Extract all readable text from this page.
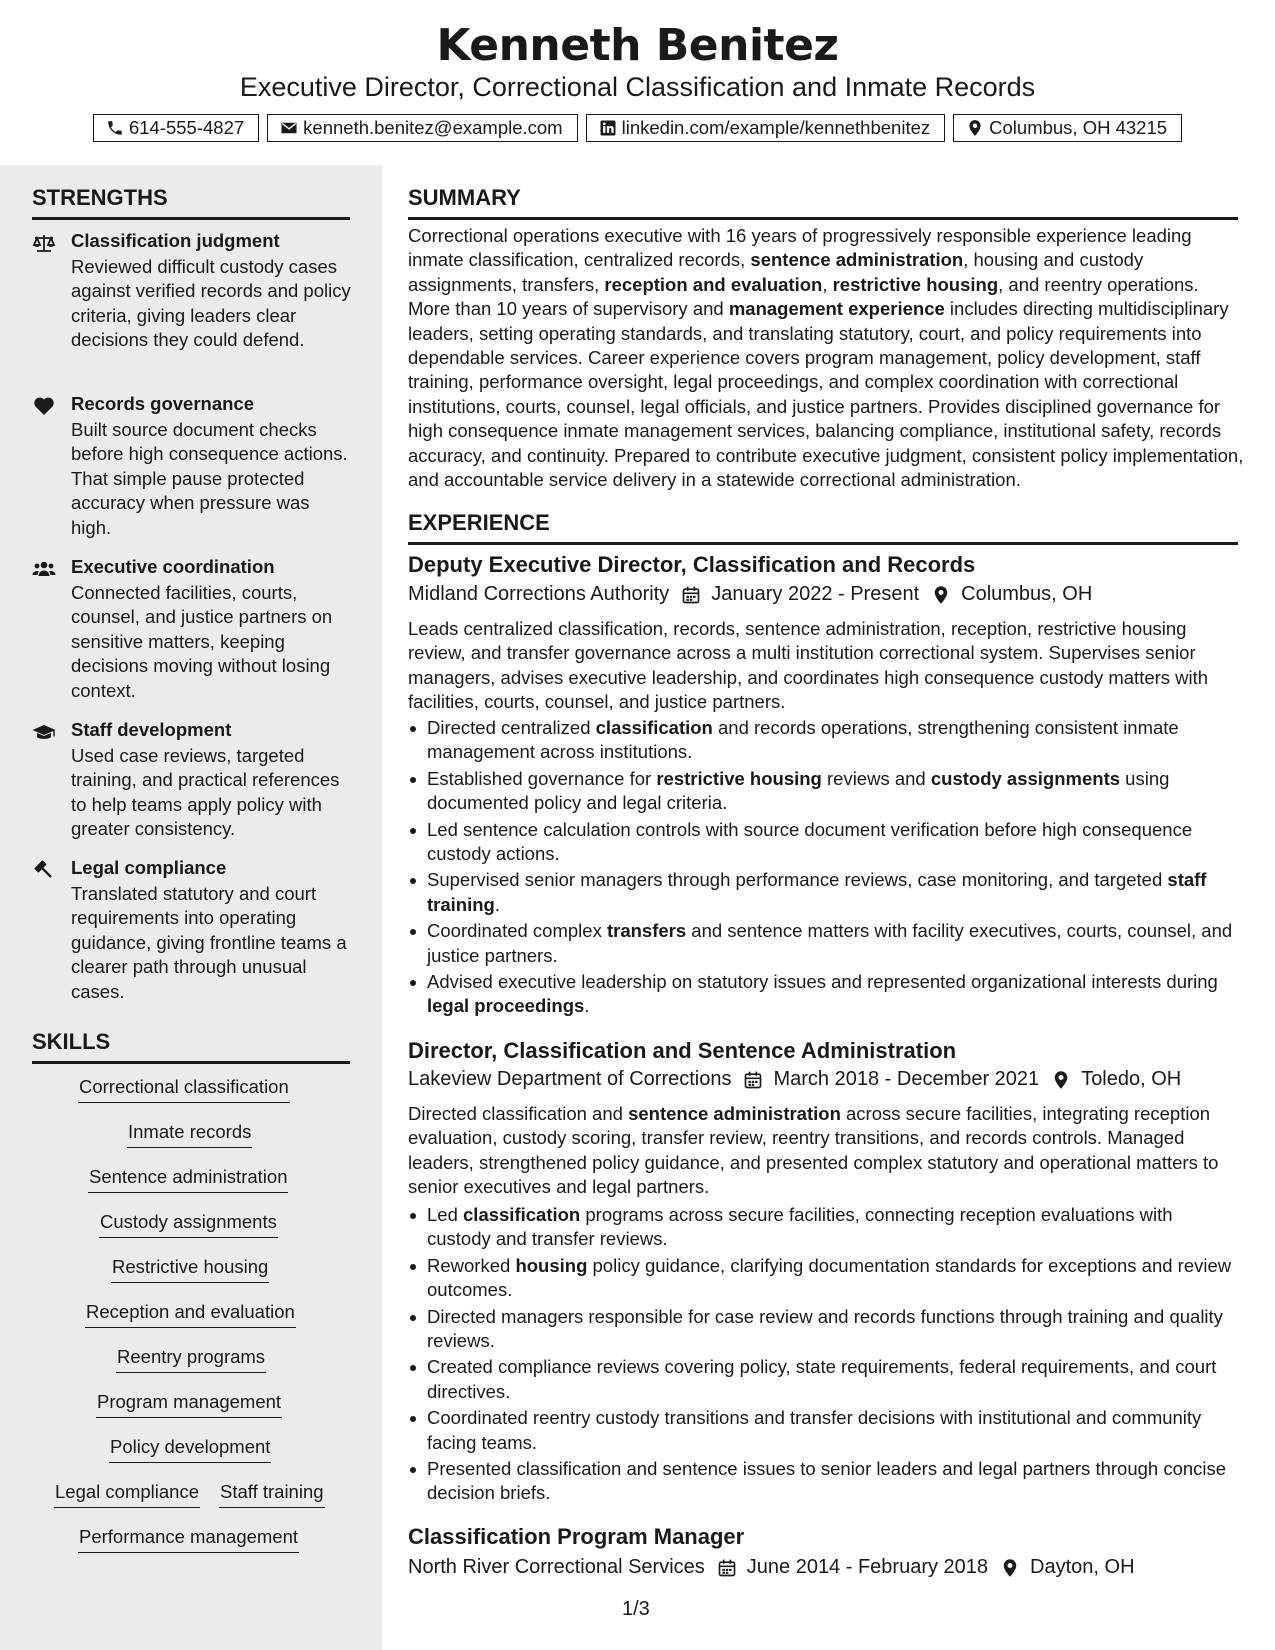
Kenneth Benitez
Executive Director, Correctional Classification and Inmate Records
614-555-4827	kenneth.benitez@example.com	linkedin.com/example/kennethbenitez	Columbus, OH 43215
STRENGTHS
Classification judgment
Reviewed difficult custody cases against verified records and policy criteria, giving leaders clear decisions they could defend.
Records governance
Built source document checks before high consequence actions. That simple pause protected accuracy when pressure was high.
Executive coordination
Connected facilities, courts, counsel, and justice partners on sensitive matters, keeping decisions moving without losing context.
Staff development
Used case reviews, targeted training, and practical references to help teams apply policy with greater consistency.
Legal compliance
Translated statutory and court requirements into operating guidance, giving frontline teams a clearer path through unusual cases.
SKILLS
Correctional classification
Inmate records
Sentence administration
Custody assignments
Restrictive housing
Reception and evaluation
Reentry programs
Program management
Policy development
Legal compliance Staff training
Performance management
SUMMARY
Correctional operations executive with 16 years of progressively responsible experience leading inmate classification, centralized records, sentence administration, housing and custody assignments, transfers, reception and evaluation, restrictive housing, and reentry operations. More than 10 years of supervisory and management experience includes directing multidisciplinary leaders, setting operating standards, and translating statutory, court, and policy requirements into dependable services. Career experience covers program management, policy development, staff training, performance oversight, legal proceedings, and complex coordination with correctional institutions, courts, counsel, legal officials, and justice partners. Provides disciplined governance for high consequence inmate management services, balancing compliance, institutional safety, records accuracy, and continuity. Prepared to contribute executive judgment, consistent policy implementation, and accountable service delivery in a statewide correctional administration.
EXPERIENCE
Deputy Executive Director, Classification and Records
Midland Corrections Authority January 2022 - Present Columbus, OH
Leads centralized classification, records, sentence administration, reception, restrictive housing review, and transfer governance across a multi institution correctional system. Supervises senior managers, advises executive leadership, and coordinates high consequence custody matters with facilities, courts, counsel, and justice partners.
Directed centralized classification and records operations, strengthening consistent inmate management across institutions.
Established governance for restrictive housing reviews and custody assignments using documented policy and legal criteria.
Led sentence calculation controls with source document verification before high consequence custody actions.
Supervised senior managers through performance reviews, case monitoring, and targeted staff training.
Coordinated complex transfers and sentence matters with facility executives, courts, counsel, and justice partners.
Advised executive leadership on statutory issues and represented organizational interests during legal proceedings.
Director, Classification and Sentence Administration
Lakeview Department of Corrections March 2018 - December 2021 Toledo, OH
Directed classification and sentence administration across secure facilities, integrating reception evaluation, custody scoring, transfer review, reentry transitions, and records controls. Managed leaders, strengthened policy guidance, and presented complex statutory and operational matters to senior executives and legal partners.
Led classification programs across secure facilities, connecting reception evaluations with custody and transfer reviews.
Reworked housing policy guidance, clarifying documentation standards for exceptions and review outcomes.
Directed managers responsible for case review and records functions through training and quality reviews.
Created compliance reviews covering policy, state requirements, federal requirements, and court directives.
Coordinated reentry custody transitions and transfer decisions with institutional and community facing teams.
Presented classification and sentence issues to senior leaders and legal partners through concise decision briefs.
Classification Program Manager
North River Correctional Services June 2014 - February 2018 Dayton, OH
1/3
